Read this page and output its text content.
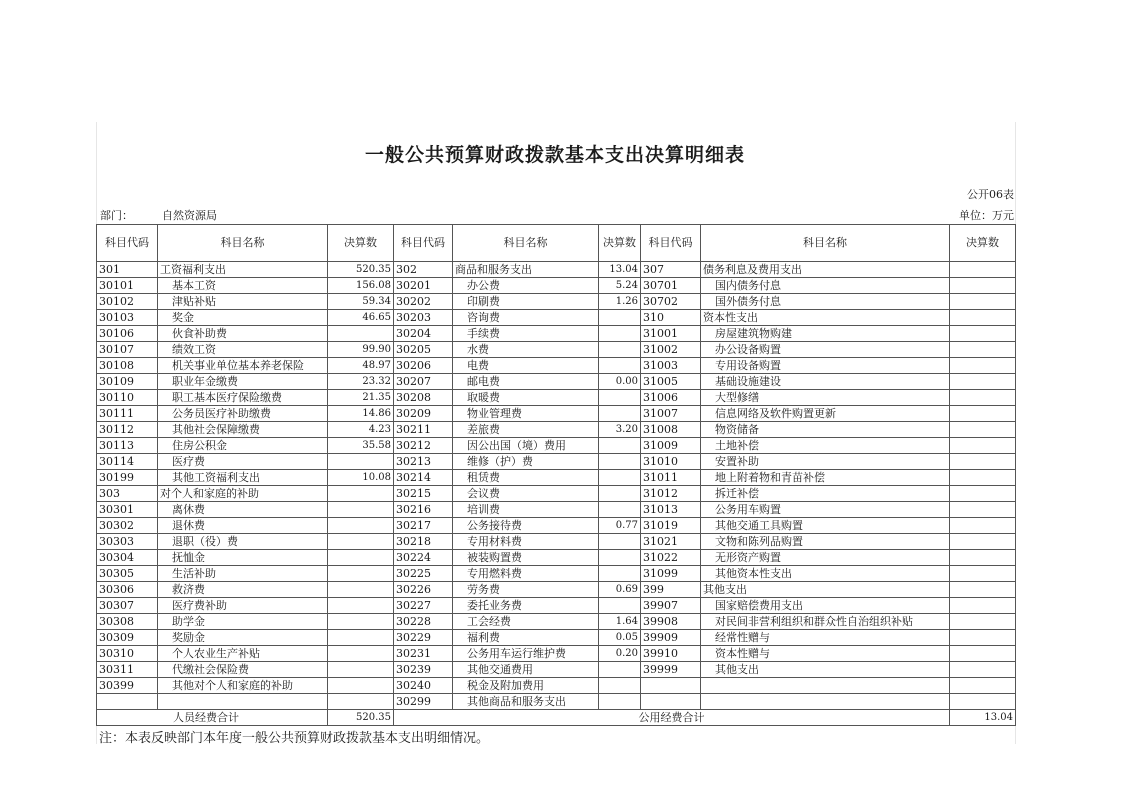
一般公共预算财政拨款基本支出决算明细表
公开06表
部门：	自然资源局	单位：万元
科目代码	科目名称	决算数	科目代码	科目名称	决算数	科目代码	科目名称	决算数
301	工资福利支出	520.35	302	商品和服务支出	13.04	307	债务利息及费用支出	
30101	基本工资	156.08	30201	办公费	5.24	30701	国内债务付息	
30102	津贴补贴	59.34	30202	印刷费	1.26	30702	国外债务付息	
30103	奖金	46.65	30203	咨询费		310	资本性支出	
30106	伙食补助费		30204	手续费		31001	房屋建筑物购建	
30107	绩效工资	99.90	30205	水费		31002	办公设备购置	
30108	机关事业单位基本养老保险	48.97	30206	电费		31003	专用设备购置	
30109	职业年金缴费	23.32	30207	邮电费	0.00	31005	基础设施建设	
30110	职工基本医疗保险缴费	21.35	30208	取暖费		31006	大型修缮	
30111	公务员医疗补助缴费	14.86	30209	物业管理费		31007	信息网络及软件购置更新	
30112	其他社会保障缴费	4.23	30211	差旅费	3.20	31008	物资储备	
30113	住房公积金	35.58	30212	因公出国（境）费用		31009	土地补偿	
30114	医疗费		30213	维修（护）费		31010	安置补助	
30199	其他工资福利支出	10.08	30214	租赁费		31011	地上附着物和青苗补偿	
303	对个人和家庭的补助		30215	会议费		31012	拆迁补偿	
30301	离休费		30216	培训费		31013	公务用车购置	
30302	退休费		30217	公务接待费	0.77	31019	其他交通工具购置	
30303	退职（役）费		30218	专用材料费		31021	文物和陈列品购置	
30304	抚恤金		30224	被装购置费		31022	无形资产购置	
30305	生活补助		30225	专用燃料费		31099	其他资本性支出	
30306	救济费		30226	劳务费	0.69	399	其他支出	
30307	医疗费补助		30227	委托业务费		39907	国家赔偿费用支出	
30308	助学金		30228	工会经费	1.64	39908	对民间非营利组织和群众性自治组织补贴	
30309	奖励金		30229	福利费	0.05	39909	经常性赠与	
30310	个人农业生产补贴		30231	公务用车运行维护费	0.20	39910	资本性赠与	
30311	代缴社会保险费		30239	其他交通费用		39999	其他支出	
30399	其他对个人和家庭的补助		30240	税金及附加费用				
			30299	其他商品和服务支出				
人员经费合计		520.35	公用经费合计					13.04
注：本表反映部门本年度一般公共预算财政拨款基本支出明细情况。
